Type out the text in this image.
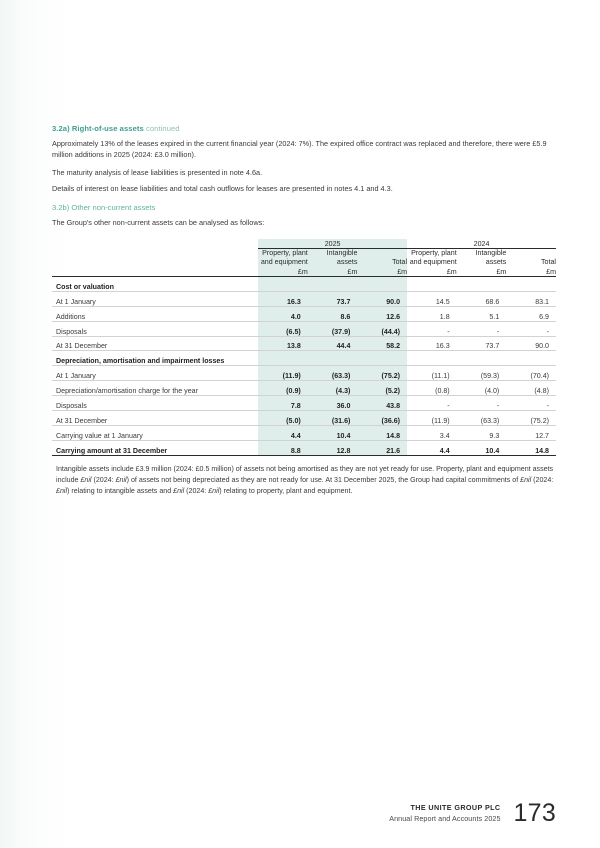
3.2a) Right-of-use assets continued

Approximately 13% of the leases expired in the current financial year (2024: 7%). The expired office contract was replaced and therefore, there were £5.9 million additions in 2025 (2024: £3.0 million).

The maturity analysis of lease liabilities is presented in note 4.6a.

Details of interest on lease liabilities and total cash outflows for leases are presented in notes 4.1 and 4.3.

3.2b) Other non-current assets

The Group's other non-current assets can be analysed as follows:

	2025			2024		
	Property, plant and equipment	Intangible assets	Total	Property, plant and equipment	Intangible assets	Total
	£m	£m	£m	£m	£m	£m
Cost or valuation						
At 1 January	16.3	73.7	90.0	14.5	68.6	83.1
Additions	4.0	8.6	12.6	1.8	5.1	6.9
Disposals	(6.5)	(37.9)	(44.4)	-	-	-
At 31 December	13.8	44.4	58.2	16.3	73.7	90.0
Depreciation, amortisation and impairment losses						
At 1 January	(11.9)	(63.3)	(75.2)	(11.1)	(59.3)	(70.4)
Depreciation/amortisation charge for the year	(0.9)	(4.3)	(5.2)	(0.8)	(4.0)	(4.8)
Disposals	7.8	36.0	43.8	-	-	-
At 31 December	(5.0)	(31.6)	(36.6)	(11.9)	(63.3)	(75.2)
Carrying value at 1 January	4.4	10.4	14.8	3.4	9.3	12.7
Carrying amount at 31 December	8.8	12.8	21.6	4.4	10.4	14.8

Intangible assets include £3.9 million (2024: £0.5 million) of assets not being amortised as they are not yet ready for use. Property, plant and equipment assets include £nil (2024: £nil) of assets not being depreciated as they are not ready for use. At 31 December 2025, the Group had capital commitments of £nil (2024: £nil) relating to intangible assets and £nil (2024: £nil) relating to property, plant and equipment.

THE UNITE GROUP PLC
Annual Report and Accounts 2025 173
